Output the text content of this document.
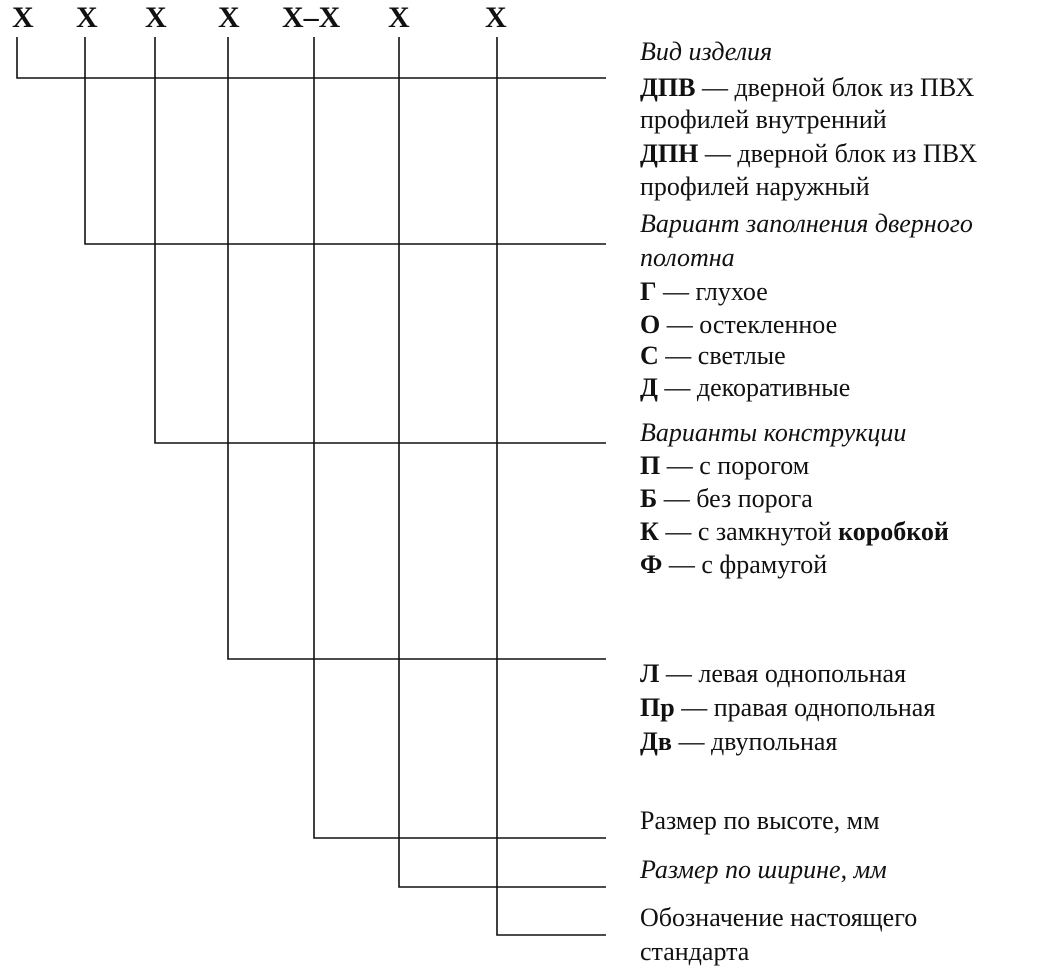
Х Х Х Х Х–Х Х	Х
Вид изделия
ДПВ — дверной блок из ПВХ
профилей внутренний
ДПН — дверной блок из ПВХ
профилей наружный
Вариант заполнения дверного
полотна
Г — глухое
О — остекленное
С — светлые
Д — декоративные
Варианты конструкции
П — с порогом
Б — без порога
К — с замкнутой коробкой
Ф — с фрамугой
Л — левая однопольная
Пр — правая однопольная
Дв — двупольная
Размер по высоте, мм
Размер по ширине, мм
Обозначение настоящего
стандарта
